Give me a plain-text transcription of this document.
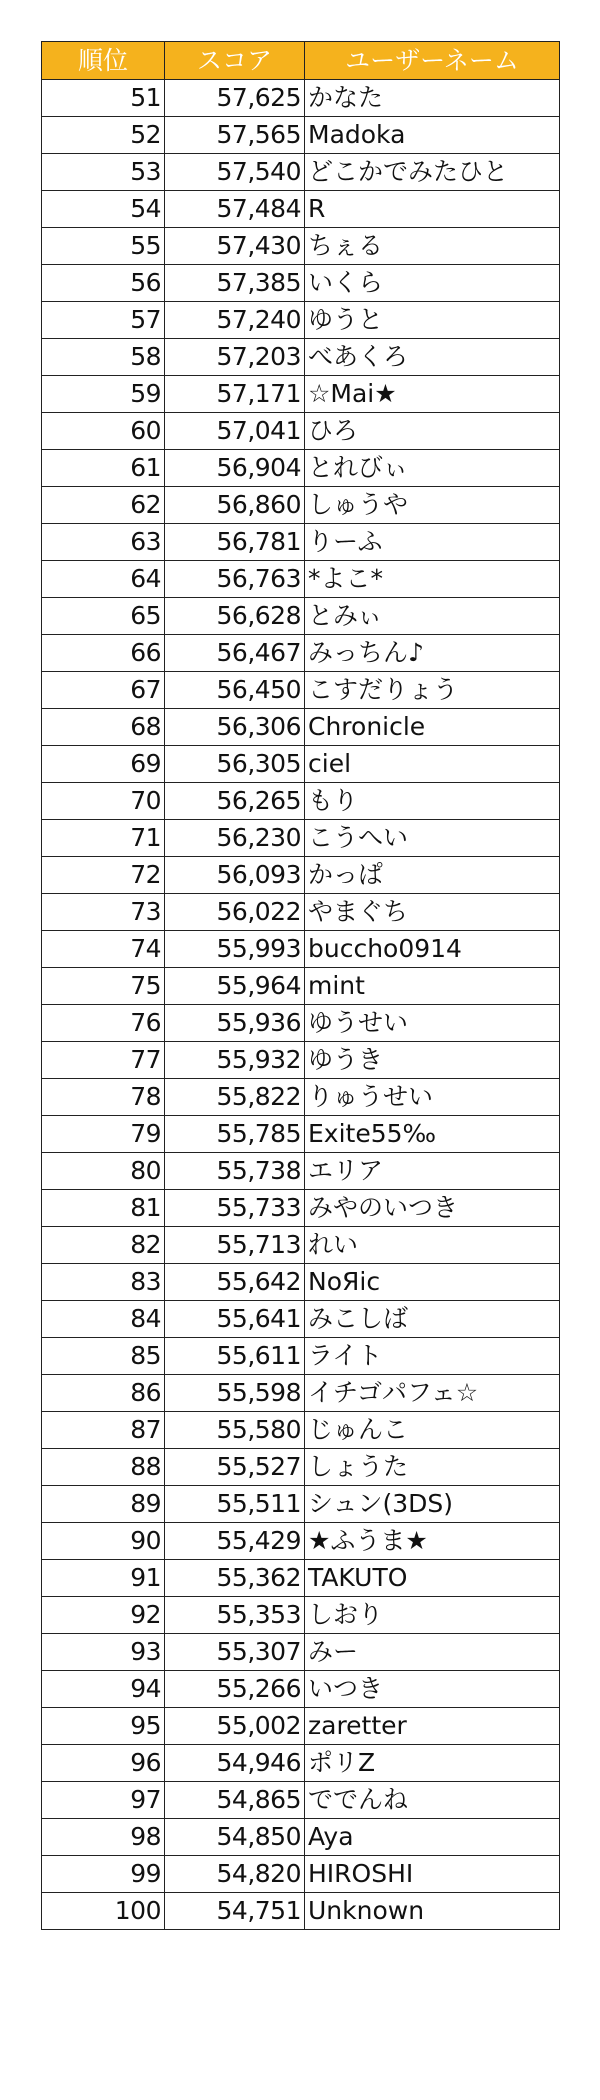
順位	スコア	ユーザーネーム
51	57,625	かなた
52	57,565	Madoka
53	57,540	どこかでみたひと
54	57,484	R
55	57,430	ちぇる
56	57,385	いくら
57	57,240	ゆうと
58	57,203	べあくろ
59	57,171	☆Mai★
60	57,041	ひろ
61	56,904	とれびぃ
62	56,860	しゅうや
63	56,781	りーふ
64	56,763	*よこ*
65	56,628	とみぃ
66	56,467	みっちん♪
67	56,450	こすだりょう
68	56,306	Chronicle
69	56,305	ciel
70	56,265	もり
71	56,230	こうへい
72	56,093	かっぱ
73	56,022	やまぐち
74	55,993	buccho0914
75	55,964	mint
76	55,936	ゆうせい
77	55,932	ゆうき
78	55,822	りゅうせい
79	55,785	Exite55‰
80	55,738	エリア
81	55,733	みやのいつき
82	55,713	れい
83	55,642	NoЯic
84	55,641	みこしば
85	55,611	ライト
86	55,598	イチゴパフェ☆
87	55,580	じゅんこ
88	55,527	しょうた
89	55,511	シュン(3DS)
90	55,429	★ふうま★
91	55,362	TAKUTO
92	55,353	しおり
93	55,307	みー
94	55,266	いつき
95	55,002	zaretter
96	54,946	ポリZ
97	54,865	ででんね
98	54,850	Aya
99	54,820	HIROSHI
100	54,751	Unknown
